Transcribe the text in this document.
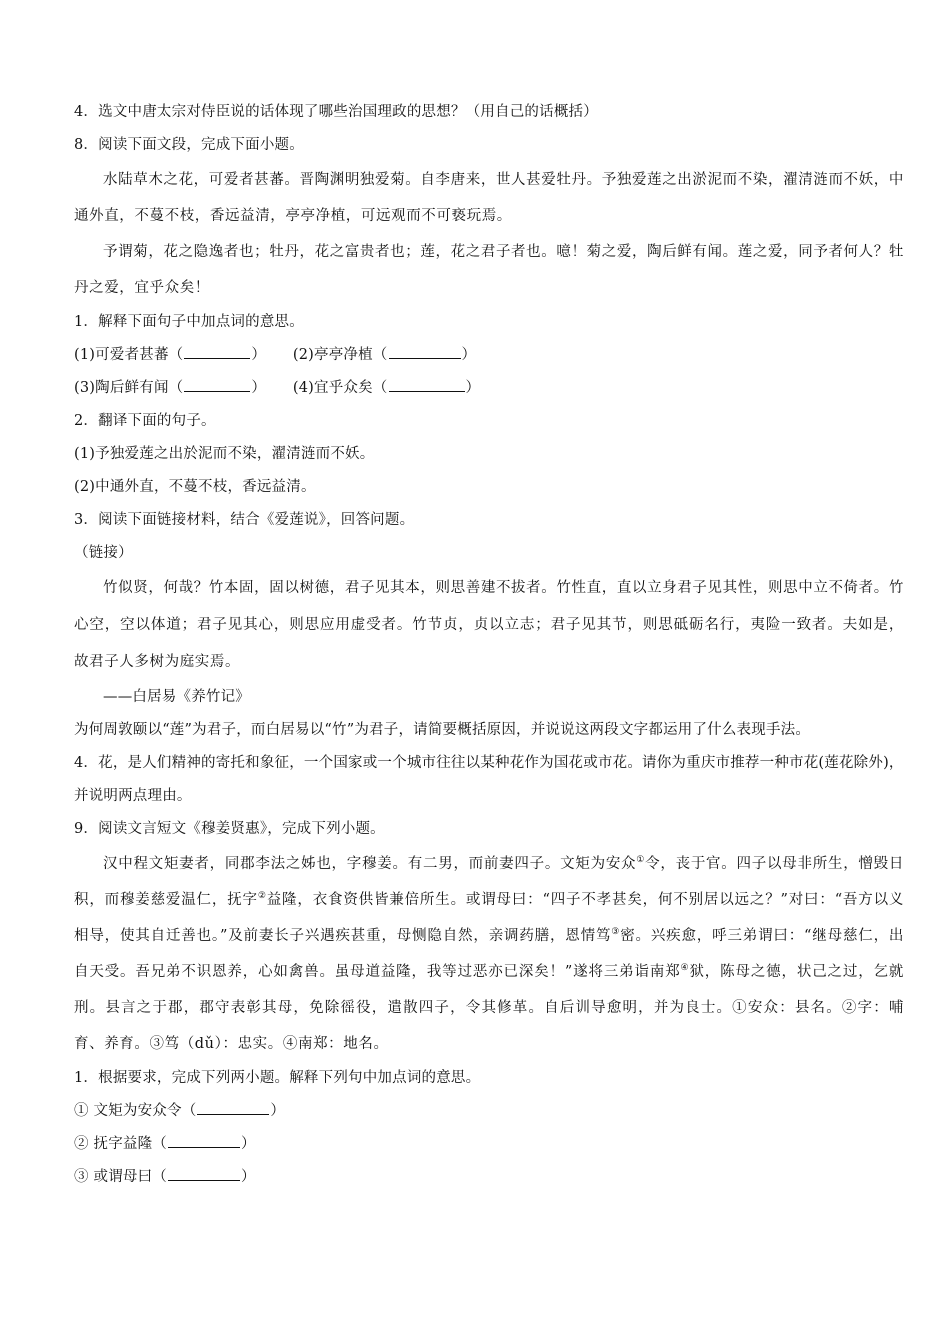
4．选文中唐太宗对侍臣说的话体现了哪些治国理政的思想？（用自己的话概括）
8．阅读下面文段，完成下面小题。

水陆草木之花，可爱者甚蕃。晋陶渊明独爱菊。自李唐来，世人甚爱牡丹。予独爱莲之出淤泥而不染，濯清涟而不妖，中通外直，不蔓不枝，香远益清，亭亭净植，可远观而不可亵玩焉。

予谓菊，花之隐逸者也；牡丹，花之富贵者也；莲，花之君子者也。噫！菊之爱，陶后鲜有闻。莲之爱，同予者何人？牡丹之爱，宜乎众矣！

1．解释下面句子中加点词的意思。
(1)可爱者甚蕃（	） (2)亭亭净植（	）
(3)陶后鲜有闻（	） (4)宜乎众矣（	）
2．翻译下面的句子。
(1)予独爱莲之出於泥而不染，濯清涟而不妖。
(2)中通外直，不蔓不枝，香远益清。
3．阅读下面链接材料，结合《爱莲说》，回答问题。
（链接）

竹似贤，何哉？竹本固，固以树德，君子见其本，则思善建不拔者。竹性直，直以立身君子见其性，则思中立不倚者。竹心空，空以体道；君子见其心，则思应用虚受者。竹节贞，贞以立志；君子见其节，则思砥砺名行，夷险一致者。夫如是，故君子人多树为庭实焉。

——白居易《养竹记》
为何周敦颐以“莲”为君子，而白居易以“竹”为君子，请简要概括原因，并说说这两段文字都运用了什么表现手法。

4．花，是人们精神的寄托和象征，一个国家或一个城市往往以某种花作为国花或市花。请你为重庆市推荐一种市花(莲花除外)，并说明两点理由。

9．阅读文言短文《穆姜贤惠》，完成下列小题。

汉中程文矩妻者，同郡李法之姊也，字穆姜。有二男，而前妻四子。文矩为安众①令，丧于官。四子以母非所生，憎毁日积，而穆姜慈爱温仁，抚字②益隆，衣食资供皆兼倍所生。或谓母曰：“四子不孝甚矣，何不别居以远之？”对曰：“吾方以义相导，使其自迁善也。”及前妻长子兴遇疾甚重，母恻隐自然，亲调药膳，恩情笃③密。兴疾愈，呼三弟谓曰：“继母慈仁，出自天受。吾兄弟不识恩养，心如禽兽。虽母道益隆，我等过恶亦已深矣！”遂将三弟诣南郑④狱，陈母之德，状己之过，乞就刑。县言之于郡，郡守表彰其母，免除徭役，遣散四子，令其修革。自后训导愈明，并为良士。①安众：县名。②字：哺育、养育。③笃（dǔ）：忠实。④南郑：地名。

1．根据要求，完成下列两小题。解释下列句中加点词的意思。
① 文矩为安众令（	）
② 抚字益隆（	）
③ 或谓母曰（	）
